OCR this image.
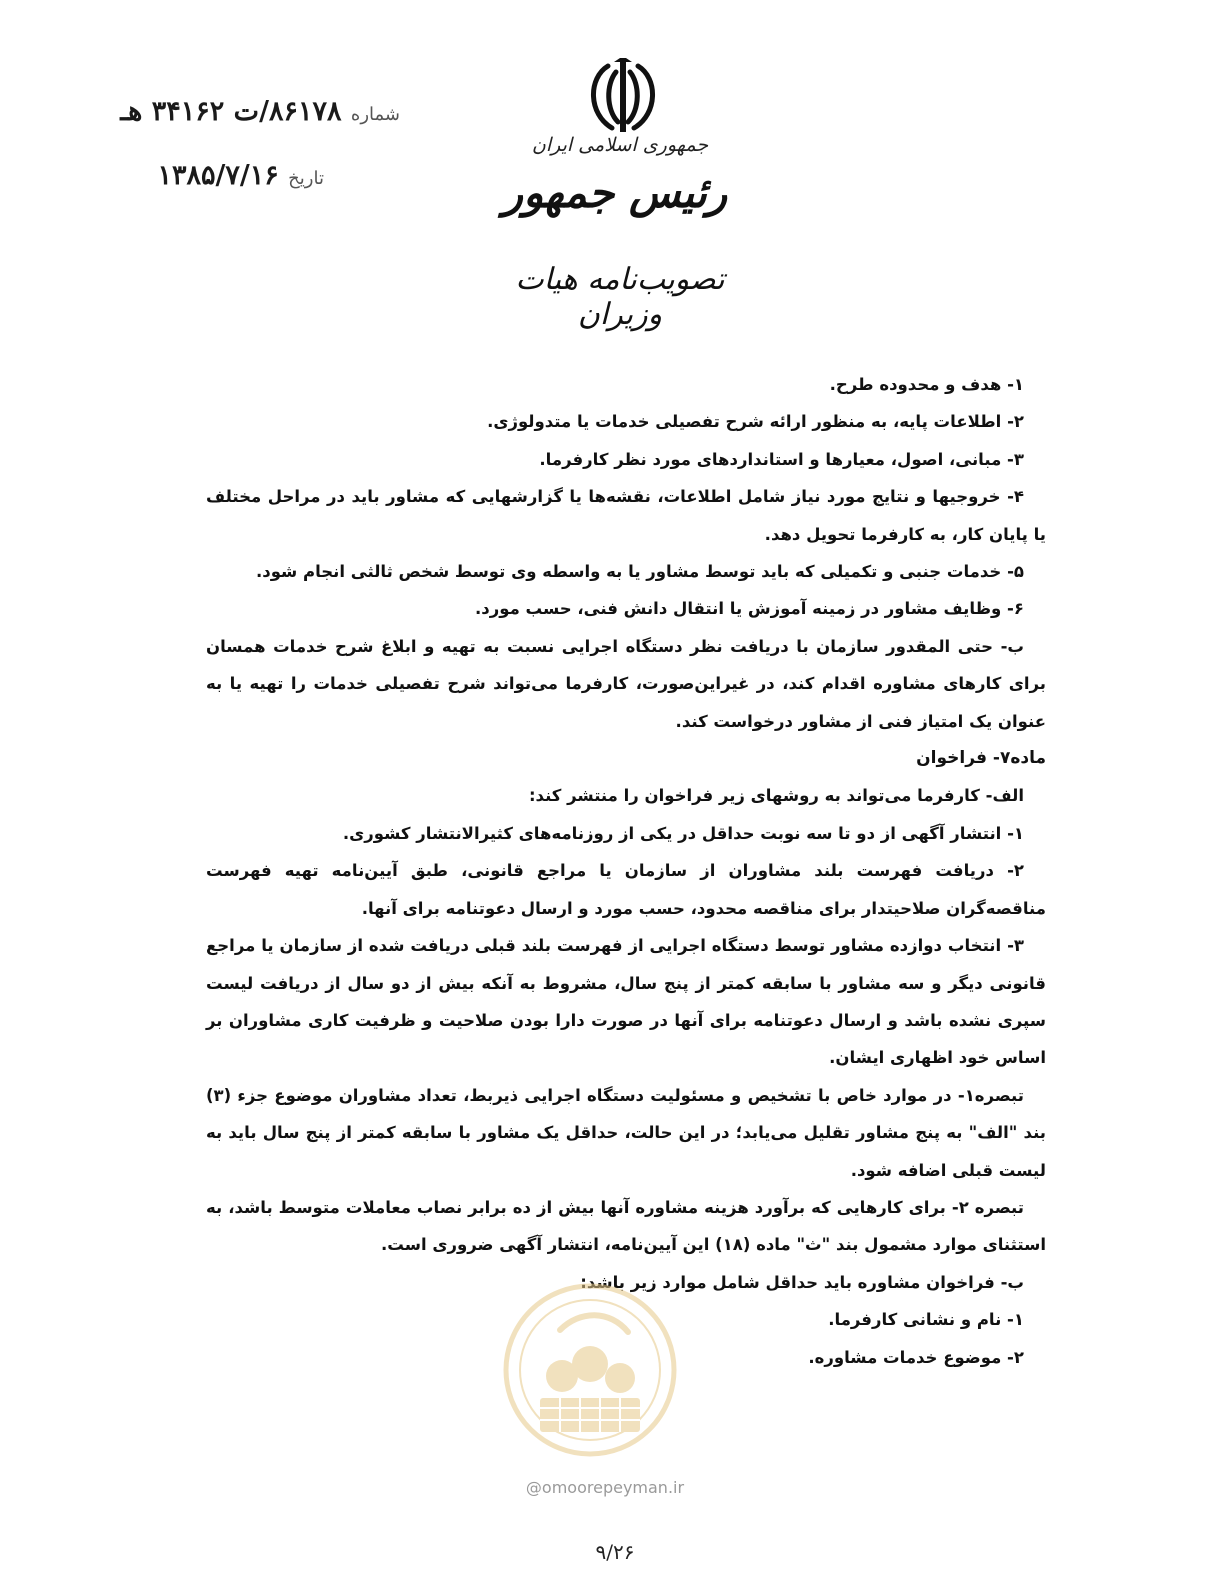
شماره ۸۶۱۷۸/ت ۳۴۱۶۲ هـ
تاریخ ۱۳۸۵/۷/۱۶
جمهوری اسلامی ایران
رئیس جمهور
تصویب‌نامه هیات وزیران

۱- هدف و محدوده طرح.

۲- اطلاعات پایه، به منظور ارائه شرح تفصیلی خدمات یا متدولوژی.

۳- مبانی، اصول، معیارها و استانداردهای مورد نظر کارفرما.

۴- خروجیها و نتایج مورد نیاز شامل اطلاعات، نقشه‌ها یا گزارشهایی که مشاور باید در مراحل مختلف یا پایان کار، به کارفرما تحویل دهد.

۵- خدمات جنبی و تکمیلی که باید توسط مشاور یا به واسطه وی توسط شخص ثالثی انجام شود.

۶- وظایف مشاور در زمینه آموزش یا انتقال دانش فنی، حسب مورد.

ب- حتی المقدور سازمان با دریافت نظر دستگاه اجرایی نسبت به تهیه و ابلاغ شرح خدمات همسان برای کارهای مشاوره اقدام کند، در غیراین‌صورت، کارفرما می‌تواند شرح تفصیلی خدمات را تهیه یا به عنوان یک امتیاز فنی از مشاور درخواست کند.

ماده۷- فراخوان

الف- کارفرما می‌تواند به روشهای زیر فراخوان را منتشر کند:

۱- انتشار آگهی از دو تا سه نوبت حداقل در یکی از روزنامه‌های کثیرالانتشار کشوری.

۲- دریافت فهرست بلند مشاوران از سازمان یا مراجع قانونی، طبق آیین‌نامه تهیه فهرست مناقصه‌گران صلاحیتدار برای مناقصه محدود، حسب مورد و ارسال دعوتنامه برای آنها.

۳- انتخاب دوازده مشاور توسط دستگاه اجرایی از فهرست بلند قبلی دریافت شده از سازمان یا مراجع قانونی دیگر و سه مشاور با سابقه کمتر از پنج سال، مشروط به آنکه بیش از دو سال از دریافت لیست سپری نشده باشد و ارسال دعوتنامه برای آنها در صورت دارا بودن صلاحیت و ظرفیت کاری مشاوران بر اساس خود اظهاری ایشان.

تبصره۱- در موارد خاص با تشخیص و مسئولیت دستگاه اجرایی ذیربط، تعداد مشاوران موضوع جزء (۳) بند "الف" به پنج مشاور تقلیل می‌یابد؛ در این حالت، حداقل یک مشاور با سابقه کمتر از پنج سال باید به لیست قبلی اضافه شود.

تبصره ۲- برای کارهایی که برآورد هزینه مشاوره آنها بیش از ده برابر نصاب معاملات متوسط باشد، به استثنای موارد مشمول بند "ث" ماده (۱۸) این آیین‌نامه، انتشار آگهی ضروری است.

ب- فراخوان مشاوره باید حداقل شامل موارد زیر باشد:

۱- نام و نشانی کارفرما.

۲- موضوع خدمات مشاوره.

@omoorepeyman.ir
۹/۲۶
